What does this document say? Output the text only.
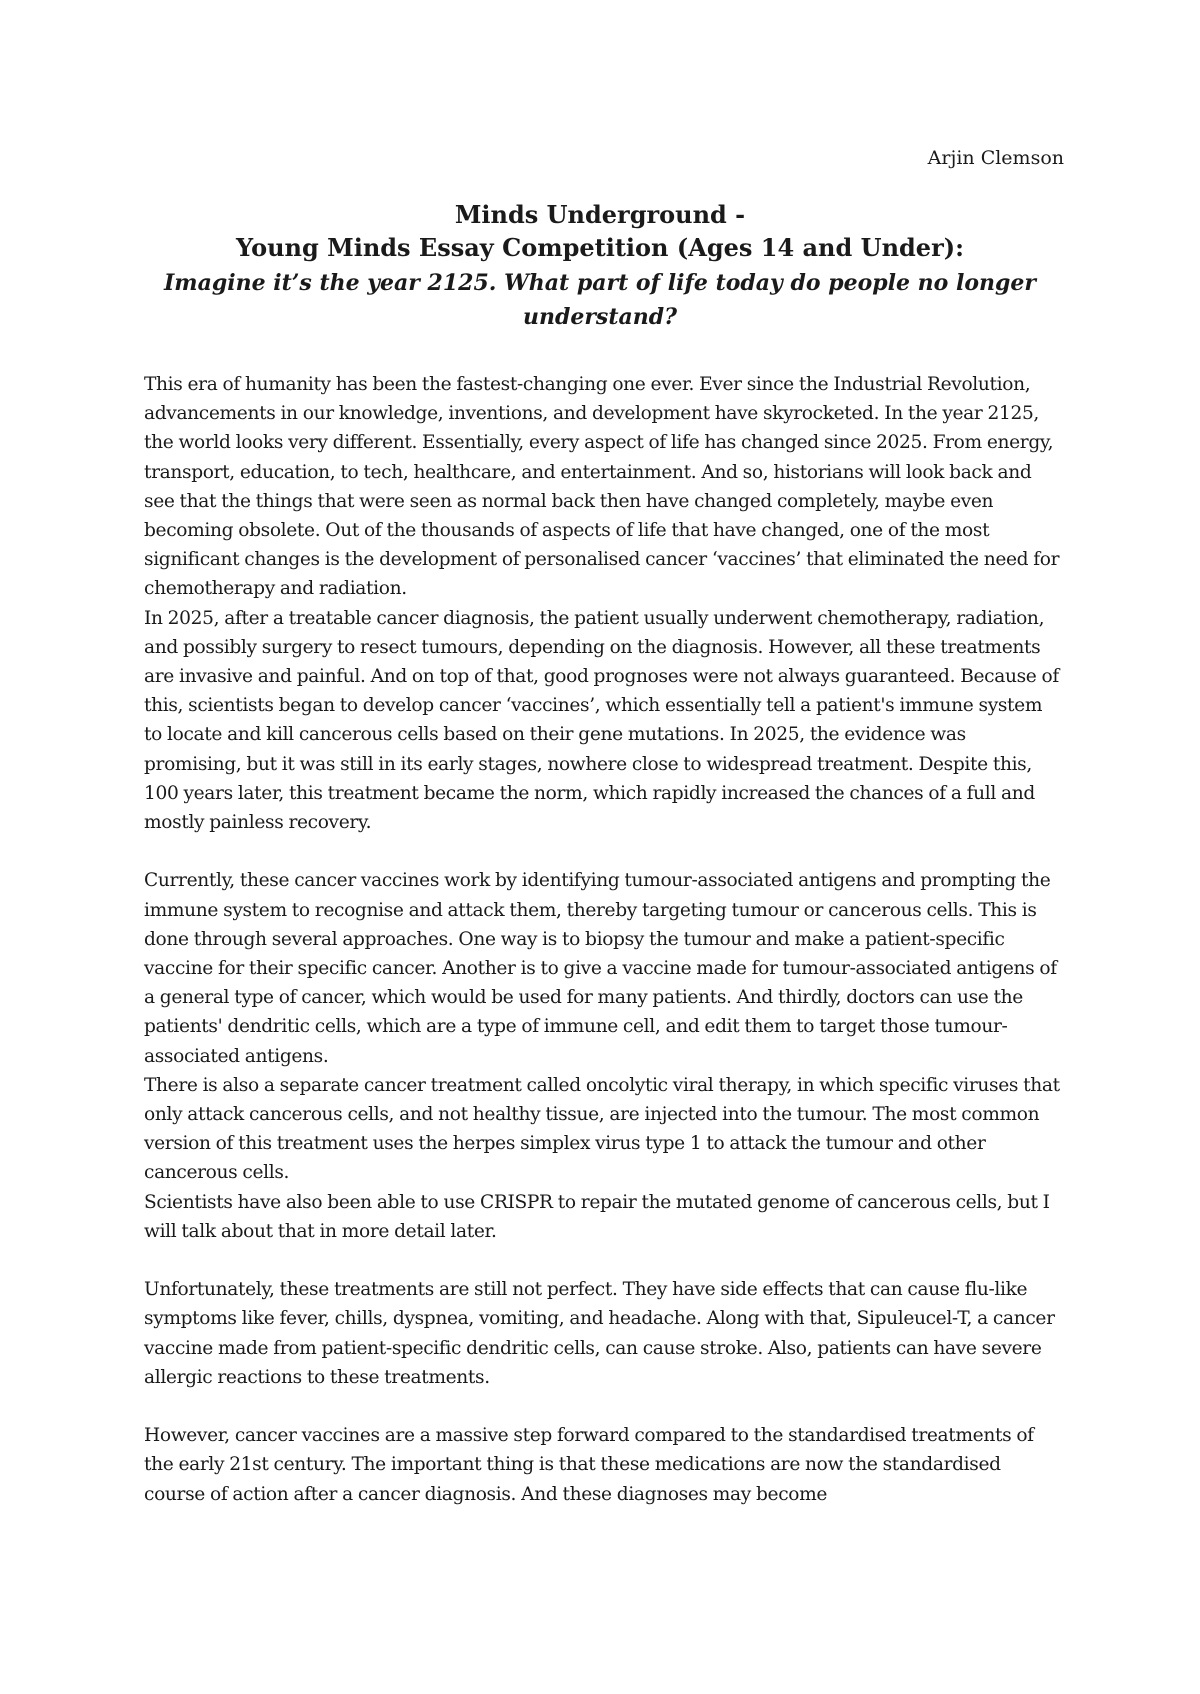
Arjin Clemson

Minds Underground -

Young Minds Essay Competition (Ages 14 and Under):

Imagine it’s the year 2125. What part of life today do people no longer understand?

This era of humanity has been the fastest-changing one ever. Ever since the Industrial Revolution, advancements in our knowledge, inventions, and development have skyrocketed. In the year 2125, the world looks very different. Essentially, every aspect of life has changed since 2025. From energy, transport, education, to tech, healthcare, and entertainment. And so, historians will look back and see that the things that were seen as normal back then have changed completely, maybe even becoming obsolete. Out of the thousands of aspects of life that have changed, one of the most significant changes is the development of personalised cancer ‘vaccines’ that eliminated the need for chemotherapy and radiation.

In 2025, after a treatable cancer diagnosis, the patient usually underwent chemotherapy, radiation, and possibly surgery to resect tumours, depending on the diagnosis. However, all these treatments are invasive and painful. And on top of that, good prognoses were not always guaranteed. Because of this, scientists began to develop cancer ‘vaccines’, which essentially tell a patient's immune system to locate and kill cancerous cells based on their gene mutations. In 2025, the evidence was promising, but it was still in its early stages, nowhere close to widespread treatment. Despite this, 100 years later, this treatment became the norm, which rapidly increased the chances of a full and mostly painless recovery.

Currently, these cancer vaccines work by identifying tumour-associated antigens and prompting the immune system to recognise and attack them, thereby targeting tumour or cancerous cells. This is done through several approaches. One way is to biopsy the tumour and make a patient-specific vaccine for their specific cancer. Another is to give a vaccine made for tumour-associated antigens of a general type of cancer, which would be used for many patients. And thirdly, doctors can use the patients' dendritic cells, which are a type of immune cell, and edit them to target those tumour-associated antigens.

There is also a separate cancer treatment called oncolytic viral therapy, in which specific viruses that only attack cancerous cells, and not healthy tissue, are injected into the tumour. The most common version of this treatment uses the herpes simplex virus type 1 to attack the tumour and other cancerous cells.

Scientists have also been able to use CRISPR to repair the mutated genome of cancerous cells, but I will talk about that in more detail later.

Unfortunately, these treatments are still not perfect. They have side effects that can cause flu-like symptoms like fever, chills, dyspnea, vomiting, and headache. Along with that, Sipuleucel-T, a cancer vaccine made from patient-specific dendritic cells, can cause stroke. Also, patients can have severe allergic reactions to these treatments.

However, cancer vaccines are a massive step forward compared to the standardised treatments of the early 21st century. The important thing is that these medications are now the standardised course of action after a cancer diagnosis. And these diagnoses may become
